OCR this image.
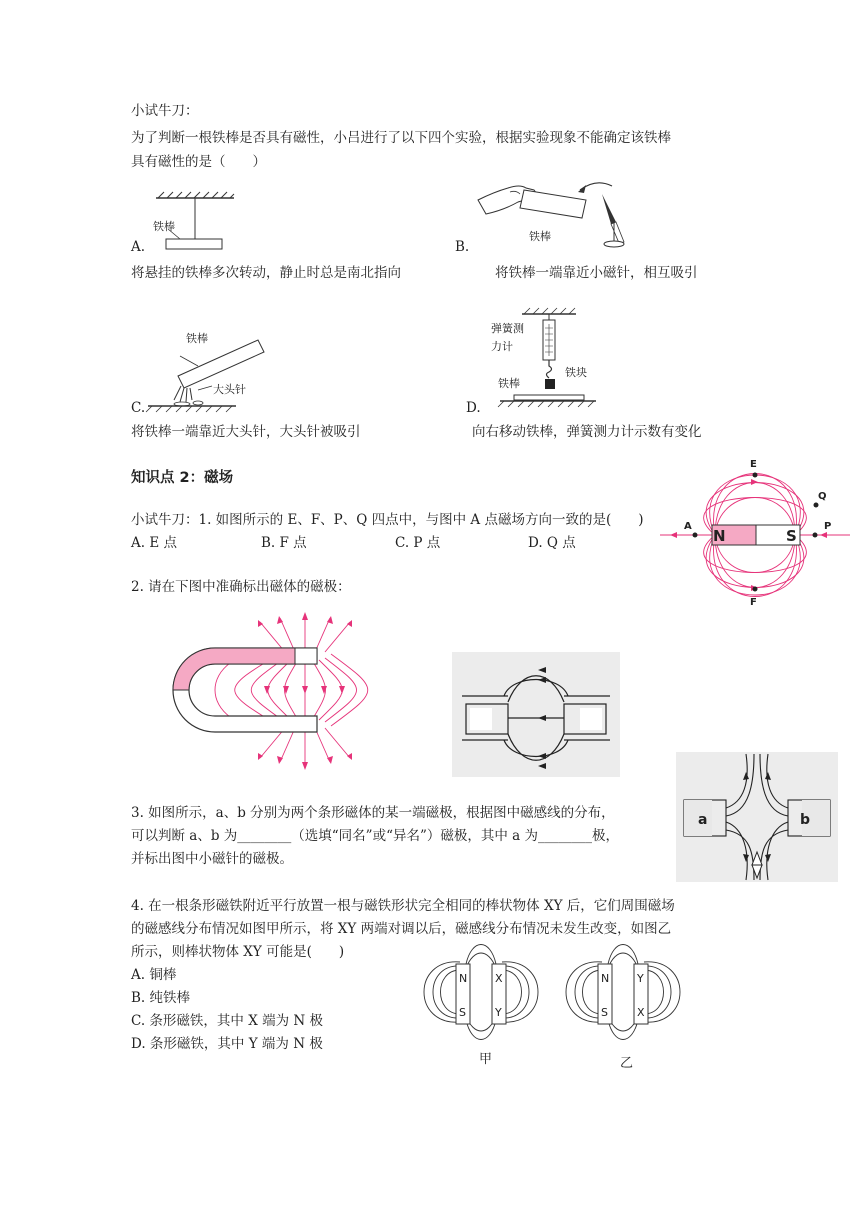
小试牛刀：
为了判断一根铁棒是否具有磁性，小吕进行了以下四个实验，根据实验现象不能确定该铁棒
具有磁性的是（　　）
铁棒
A.
将悬挂的铁棒多次转动，静止时总是南北指向
铁棒
B.
将铁棒一端靠近小磁针，相互吸引
铁棒
大头针
C.
将铁棒一端靠近大头针，大头针被吸引
弹簧测
力计
铁块
铁棒
D.
向右移动铁棒，弹簧测力计示数有变化
知识点 2：磁场
N	S
E
F
Q
P
A
小试牛刀：1. 如图所示的 E、F、P、Q 四点中，与图中 A 点磁场方向一致的是(　　)
A. E 点	B. F 点	C. P 点	D. Q 点
2. 请在下图中准确标出磁体的磁极：
3. 如图所示，a、b 分别为两个条形磁体的某一端磁极，根据图中磁感线的分布，
可以判断 a、b 为________（选填“同名”或“异名”）磁极，其中 a 为________极，
并标出图中小磁针的磁极。
a	b
4. 在一根条形磁铁附近平行放置一根与磁铁形状完全相同的棒状物体 XY 后，它们周围磁场
的磁感线分布情况如图甲所示，将 XY 两端对调以后，磁感线分布情况未发生改变，如图乙
所示，则棒状物体 XY 可能是(　　)
A. 铜棒
B. 纯铁棒
C. 条形磁铁，其中 X 端为 N 极
D. 条形磁铁，其中 Y 端为 N 极
N
S
X
Y
甲
N
S
Y
X
乙
